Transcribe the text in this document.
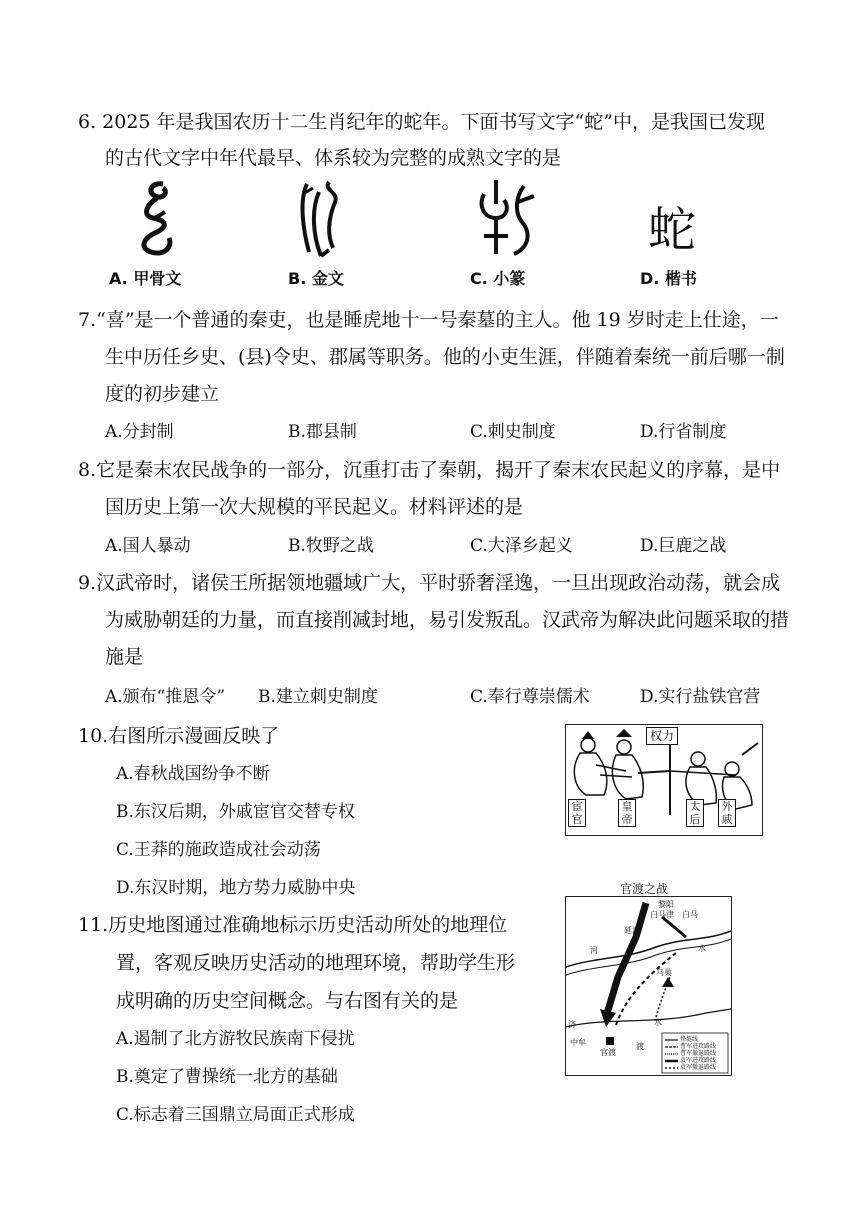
6. 2025 年是我国农历十二生肖纪年的蛇年。下面书写文字“蛇”中，是我国已发现
的古代文字中年代最早、体系较为完整的成熟文字的是
蛇
A. 甲骨文	B. 金文	C. 小篆	D. 楷书
7.“喜”是一个普通的秦吏，也是睡虎地十一号秦墓的主人。他 19 岁时走上仕途，一
生中历任乡史、(县)令史、郡属等职务。他的小吏生涯，伴随着秦统一前后哪一制
度的初步建立
A.分封制	B.郡县制	C.刺史制度	D.行省制度
8.它是秦末农民战争的一部分，沉重打击了秦朝，揭开了秦末农民起义的序幕，是中
国历史上第一次大规模的平民起义。材料评述的是
A.国人暴动	B.牧野之战	C.大泽乡起义	D.巨鹿之战
9.汉武帝时，诸侯王所据领地疆域广大，平时骄奢淫逸，一旦出现政治动荡，就会成
为威胁朝廷的力量，而直接削减封地，易引发叛乱。汉武帝为解决此问题采取的措
施是
A.颁布“推恩令” B.建立刺史制度	C.奉行尊崇儒术	D.实行盐铁官营
10.右图所示漫画反映了
A.春秋战国纷争不断
B.东汉后期，外戚宦官交替专权
C.王莽的施政造成社会动荡
D.东汉时期，地方势力威胁中央
权力
宦官
皇帝
太后
外戚
11.历史地图通过准确地标示历史活动所处的地理位
置，客观反映历史活动的地理环境，帮助学生形
成明确的历史空间概念。与右图有关的是
A.遏制了北方游牧民族南下侵扰
B.奠定了曹操统一北方的基础
C.标志着三国鼎立局面正式形成
官渡之战
黎阳
白马津 白马
延津
河	水
乌巢
官渡
济
渡
水
中牟	烽燧线
曹军进攻路线
曹军撤退路线
袁军进攻路线
袁军撤退路线
